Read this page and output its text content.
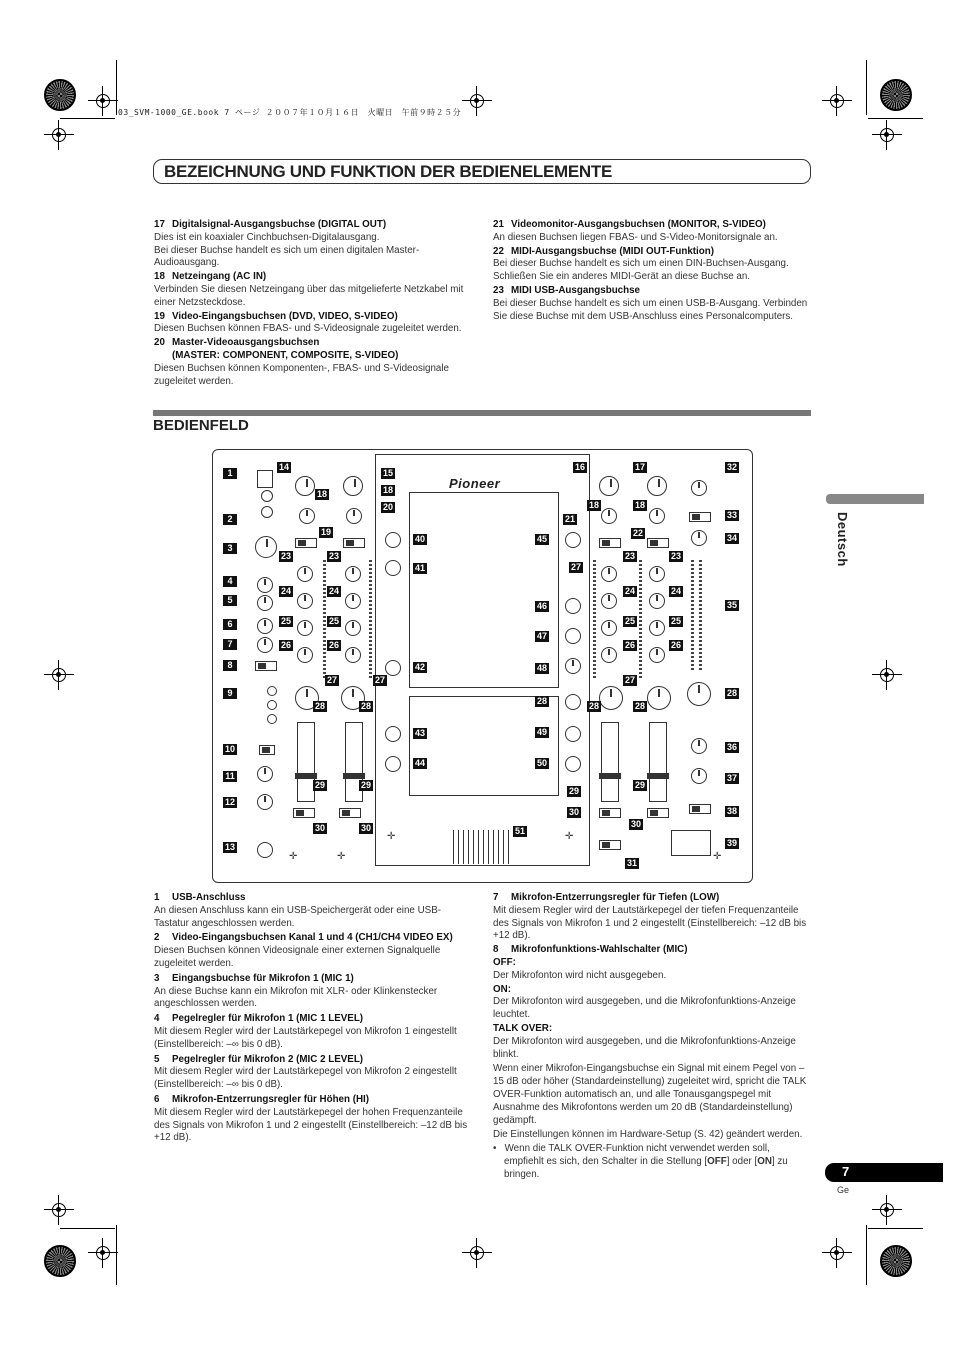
03_SVM-1000_GE.book 7 ページ ２００７年１０月１６日　火曜日　午前９時２５分
BEZEICHNUNG UND FUNKTION DER BEDIENELEMENTE
17 Digitalsignal-Ausgangsbuchse (DIGITAL OUT)

Dies ist ein koaxialer Cinchbuchsen-Digitalausgang.

Bei dieser Buchse handelt es sich um einen digitalen Master-Audioausgang.

18 Netzeingang (AC IN)

Verbinden Sie diesen Netzeingang über das mitgelieferte Netzkabel mit einer Netzsteckdose.

19 Video-Eingangsbuchsen (DVD, VIDEO, S-VIDEO)

Diesen Buchsen können FBAS- und S-Videosignale zugeleitet werden.

20 Master-Videoausgangsbuchsen
(MASTER: COMPONENT, COMPOSITE, S-VIDEO)

Diesen Buchsen können Komponenten-, FBAS- und S-Videosignale zugeleitet werden.

21 Videomonitor-Ausgangsbuchsen (MONITOR, S-VIDEO)

An diesen Buchsen liegen FBAS- und S-Video-Monitorsignale an.

22 MIDI-Ausgangsbuchse (MIDI OUT-Funktion)

Bei dieser Buchse handelt es sich um einen DIN-Buchsen-Ausgang.

Schließen Sie ein anderes MIDI-Gerät an diese Buchse an.

23 MIDI USB-Ausgangsbuchse

Bei dieser Buchse handelt es sich um einen USB-B-Ausgang. Verbinden Sie diese Buchse mit dem USB-Anschluss eines Personalcomputers.

BEDIENFELD
Deutsch
Pioneer
✛	✛
✛	✛
✛
1
2
3
4
5
6
7
8
9
10
11
12
13
14
18
19
23
24
25
26
27
28
29
30
15
18
20
23
24
25
26
27
28
29
30
40
41
42
43
44
45
46
47
48
28
49
50
51
16
18
21
27
28
29
30
31
17
18
22
23
24
25
26
27
28
29
30
23
24
25
26
32
33
34
35
28
36
37
38
39
1 USB-Anschluss

An diesen Anschluss kann ein USB-Speichergerät oder eine USB-Tastatur angeschlossen werden.

2 Video-Eingangsbuchsen Kanal 1 und 4 (CH1/CH4 VIDEO EX)

Diesen Buchsen können Videosignale einer externen Signalquelle zugeleitet werden.

3 Eingangsbuchse für Mikrofon 1 (MIC 1)

An diese Buchse kann ein Mikrofon mit XLR- oder Klinkenstecker angeschlossen werden.

4 Pegelregler für Mikrofon 1 (MIC 1 LEVEL)

Mit diesem Regler wird der Lautstärkepegel von Mikrofon 1 eingestellt (Einstellbereich: –∞ bis 0 dB).

5 Pegelregler für Mikrofon 2 (MIC 2 LEVEL)

Mit diesem Regler wird der Lautstärkepegel von Mikrofon 2 eingestellt (Einstellbereich: –∞ bis 0 dB).

6 Mikrofon-Entzerrungsregler für Höhen (HI)

Mit diesem Regler wird der Lautstärkepegel der hohen Frequenzanteile des Signals von Mikrofon 1 und 2 eingestellt (Einstellbereich: –12 dB bis +12 dB).

7 Mikrofon-Entzerrungsregler für Tiefen (LOW)

Mit diesem Regler wird der Lautstärkepegel der tiefen Frequenzanteile des Signals von Mikrofon 1 und 2 eingestellt (Einstellbereich: –12 dB bis +12 dB).

8 Mikrofonfunktions-Wahlschalter (MIC)
OFF:

Der Mikrofonton wird nicht ausgegeben.

ON:

Der Mikrofonton wird ausgegeben, und die Mikrofonfunktions-Anzeige leuchtet.

TALK OVER:

Der Mikrofonton wird ausgegeben, und die Mikrofonfunktions-Anzeige blinkt.

Wenn einer Mikrofon-Eingangsbuchse ein Signal mit einem Pegel von –15 dB oder höher (Standardeinstellung) zugeleitet wird, spricht die TALK OVER-Funktion automatisch an, und alle Tonausgangspegel mit Ausnahme des Mikrofontons werden um 20 dB (Standardeinstellung) gedämpft.

Die Einstellungen können im Hardware-Setup (S. 42) geändert werden.

•   Wenn die TALK OVER-Funktion nicht verwendet werden soll, empfiehlt es sich, den Schalter in die Stellung [OFF] oder [ON] zu bringen.	7
Ge
